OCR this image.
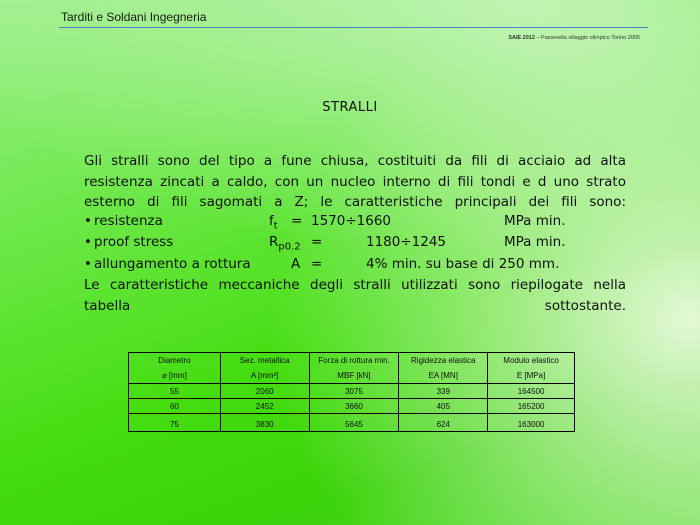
Tarditi e Soldani Ingegneria
SAIE 2012 – Passerella villaggio olimpico Torino 2006
STRALLI
Gli stralli sono del tipo a fune chiusa, costituiti da fili di acciaio ad alta
resistenza zincati a caldo, con un nucleo interno di fili tondi e d uno strato
esterno di fili sagomati a Z; le caratteristiche principali dei fili sono:
• resistenza	$f_t = 1570\div 1660$	MPa min.
• proof stress	$R_{p0.2}$ =	1180÷1245	MPa min.
• allungamento a rottura	A =	4% min. su base di 250 mm.
Le caratteristiche meccaniche degli stralli utilizzati sono riepilogate nella
tabella sottostante.
Diametro	Sez. metallica	Forza di rottura min.	Rigidezza elastica	Modulo elastico
⌀ [mm]	A [mm²]	MBF [kN]	EA [MN]	E [MPa]
55	2060	3075	339	164500
60	2452	3660	405	165200

75	3830	5645	624	163000
